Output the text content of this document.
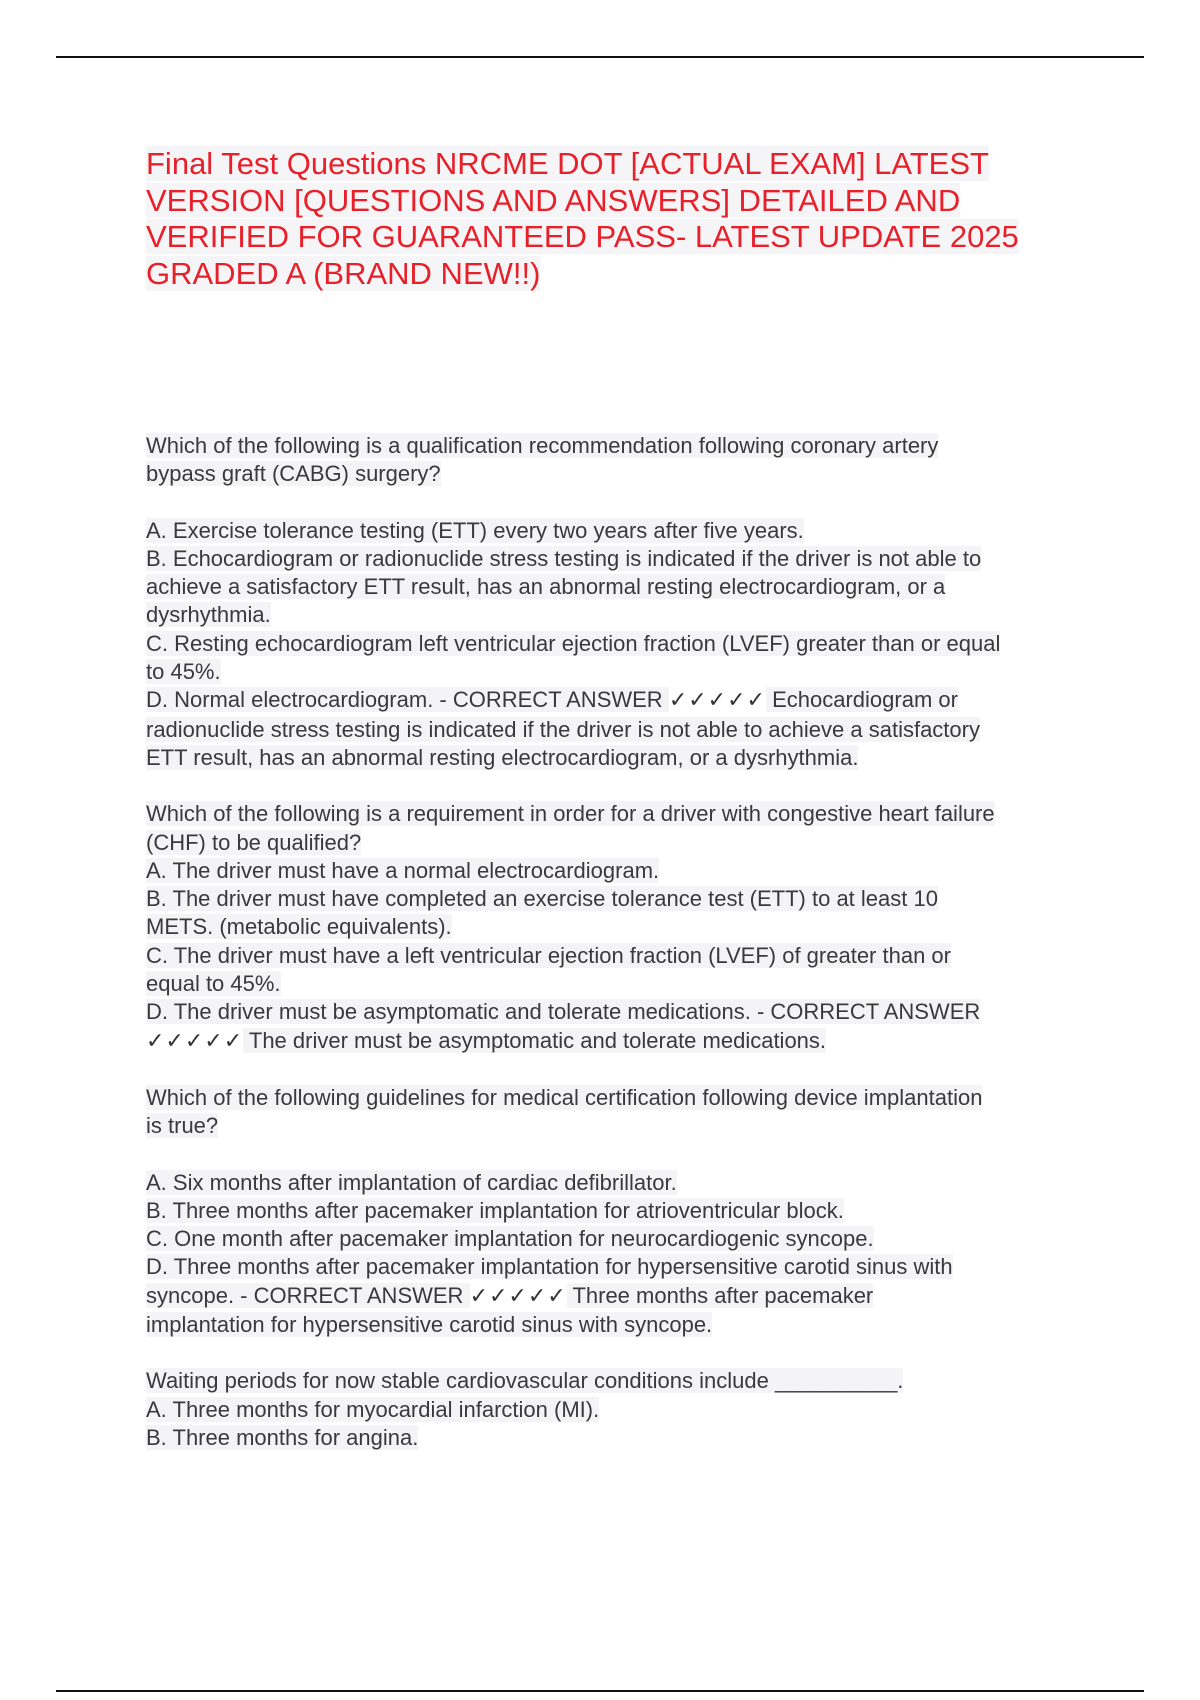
Final Test Questions NRCME DOT [ACTUAL EXAM] LATEST
VERSION [QUESTIONS AND ANSWERS] DETAILED AND
VERIFIED FOR GUARANTEED PASS- LATEST UPDATE 2025
GRADED A (BRAND NEW!!)
Which of the following is a qualification recommendation following coronary artery
bypass graft (CABG) surgery?
A. Exercise tolerance testing (ETT) every two years after five years.
B. Echocardiogram or radionuclide stress testing is indicated if the driver is not able to
achieve a satisfactory ETT result, has an abnormal resting electrocardiogram, or a
dysrhythmia.
C. Resting echocardiogram left ventricular ejection fraction (LVEF) greater than or equal
to 45%.
D. Normal electrocardiogram. - CORRECT ANSWER ✓✓✓✓✓ Echocardiogram or
radionuclide stress testing is indicated if the driver is not able to achieve a satisfactory
ETT result, has an abnormal resting electrocardiogram, or a dysrhythmia.
Which of the following is a requirement in order for a driver with congestive heart failure
(CHF) to be qualified?
A. The driver must have a normal electrocardiogram.
B. The driver must have completed an exercise tolerance test (ETT) to at least 10
METS. (metabolic equivalents).
C. The driver must have a left ventricular ejection fraction (LVEF) of greater than or
equal to 45%.
D. The driver must be asymptomatic and tolerate medications. - CORRECT ANSWER
✓✓✓✓✓ The driver must be asymptomatic and tolerate medications.
Which of the following guidelines for medical certification following device implantation
is true?
A. Six months after implantation of cardiac defibrillator.
B. Three months after pacemaker implantation for atrioventricular block.
C. One month after pacemaker implantation for neurocardiogenic syncope.
D. Three months after pacemaker implantation for hypersensitive carotid sinus with
syncope. - CORRECT ANSWER ✓✓✓✓✓ Three months after pacemaker
implantation for hypersensitive carotid sinus with syncope.
Waiting periods for now stable cardiovascular conditions include __________.
A. Three months for myocardial infarction (MI).
B. Three months for angina.
